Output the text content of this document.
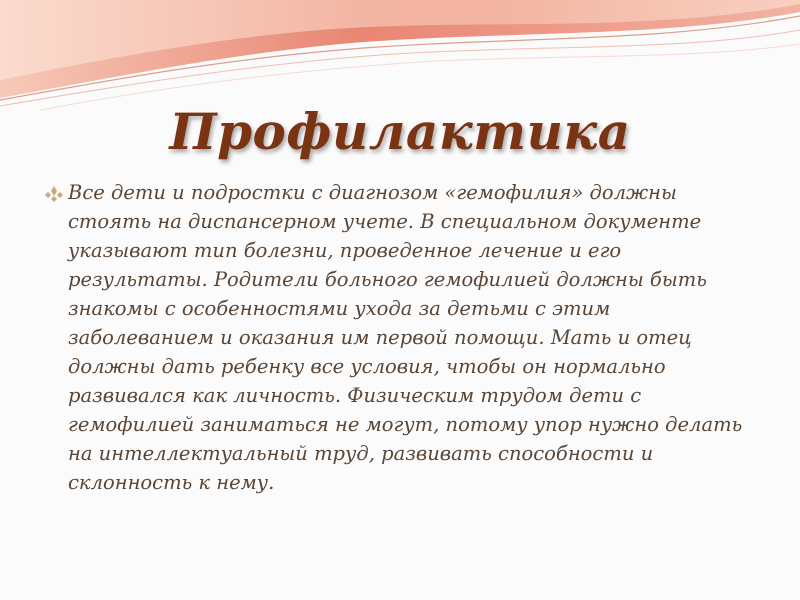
Профилактика
Все дети и подростки с диагнозом «гемофилия» должны стоять на диспансерном учете. В специальном документе указывают тип болезни, проведенное лечение и его результаты. Родители больного гемофилией должны быть знакомы с особенностями ухода за детьми с этим заболеванием и оказания им первой помощи. Мать и отец должны дать ребенку все условия, чтобы он нормально развивался как личность. Физическим трудом дети с гемофилией заниматься не могут, потому упор нужно делать на интеллектуальный труд, развивать способности и склонность к нему.
